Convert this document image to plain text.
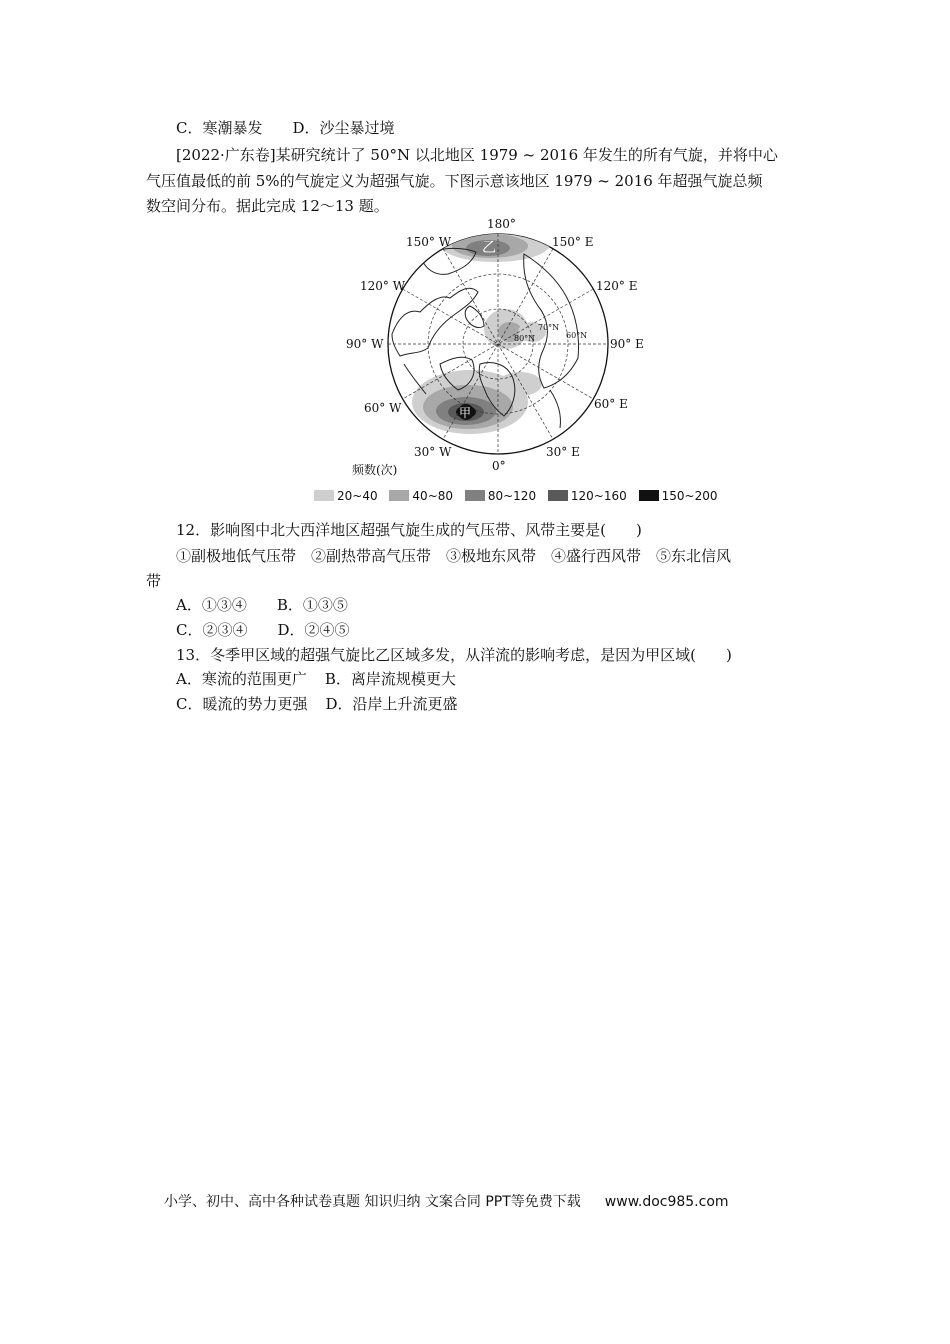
C．寒潮暴发 D．沙尘暴过境
[2022·广东卷]某研究统计了 50°N 以北地区 1979 ~ 2016 年发生的所有气旋，并将中心
气压值最低的前 5%的气旋定义为超强气旋。下图示意该地区 1979 ~ 2016 年超强气旋总频
数空间分布。据此完成 12～13 题。
甲
乙
180°
150° W	150° E
120° W	120° E
90° W	90° E
60° W	60° E
30° W	30° E
0°
70°N
80°N	60°N
频数(次)
20~40	40~80	80~120	120~160	150~200
12．影响图中北大西洋地区超强气旋生成的气压带、风带主要是(　　)
①副极地低气压带　②副热带高气压带　③极地东风带　④盛行西风带　⑤东北信风
带
A．①③④ B．①③⑤
C．②③④ D．②④⑤
13．冬季甲区域的超强气旋比乙区域多发，从洋流的影响考虑，是因为甲区域(　　)
A．寒流的范围更广 B．离岸流规模更大
C．暖流的势力更强 D．沿岸上升流更盛
小学、初中、高中各种试卷真题 知识归纳 文案合同 PPT等免费下载 www.doc985.com
